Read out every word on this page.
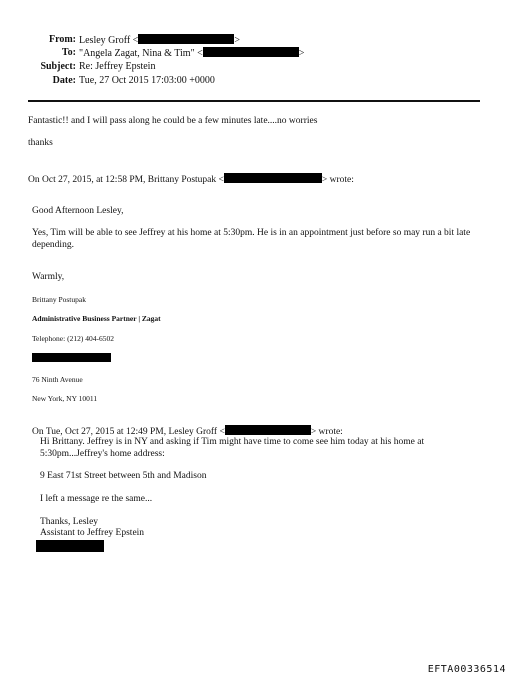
From: Lesley Groff <	>
To: "Angela Zagat, Nina & Tim" <	>
Subject: Re: Jeffrey Epstein
Date: Tue, 27 Oct 2015 17:03:00 +0000
Fantastic!! and I will pass along he could be a few minutes late....no worries
thanks
On Oct 27, 2015, at 12:58 PM, Brittany Postupak <	> wrote:
Good Afternoon Lesley,
Yes, Tim will be able to see Jeffrey at his home at 5:30pm. He is in an appointment just before so may run a bit late depending.
Warmly,
Brittany Postupak
Administrative Business Partner | Zagat
Telephone: (212) 404-6502
76 Ninth Avenue
New York, NY 10011
On Tue, Oct 27, 2015 at 12:49 PM, Lesley Groff <	> wrote:
Hi Brittany. Jeffrey is in NY and asking if Tim might have time to come see him today at his home at 5:30pm...Jeffrey's home address:
9 East 71st Street between 5th and Madison
I left a message re the same...
Thanks, Lesley
Assistant to Jeffrey Epstein
EFTA00336514
